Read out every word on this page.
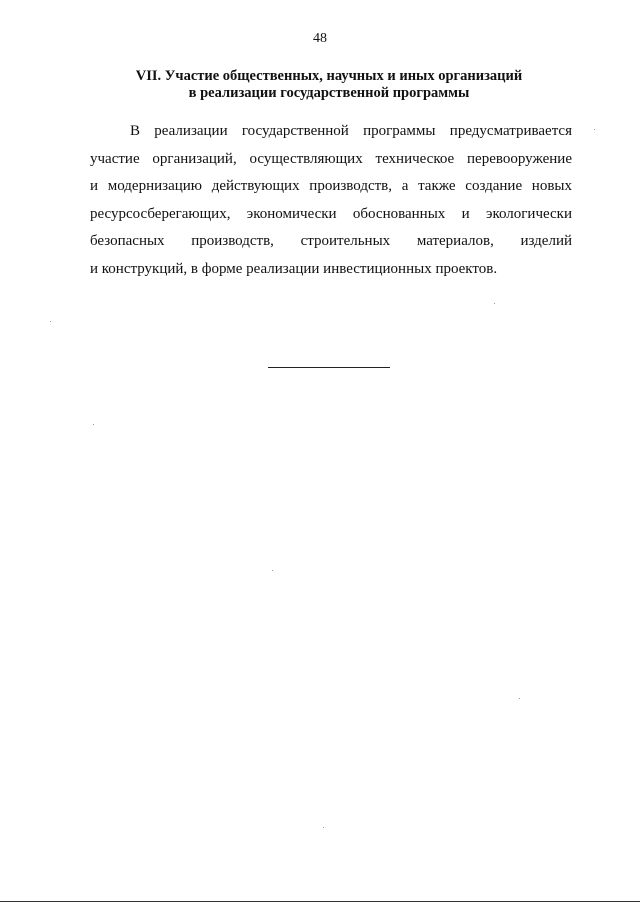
48
VII. Участие общественных, научных и иных организаций
в реализации государственной программы
В реализации государственной программы предусматривается
участие организаций, осуществляющих техническое перевооружение
и модернизацию действующих производств, а также создание новых
ресурсосберегающих, экономически обоснованных и экологически
безопасных производств, строительных материалов, изделий
и конструкций, в форме реализации инвестиционных проектов.
